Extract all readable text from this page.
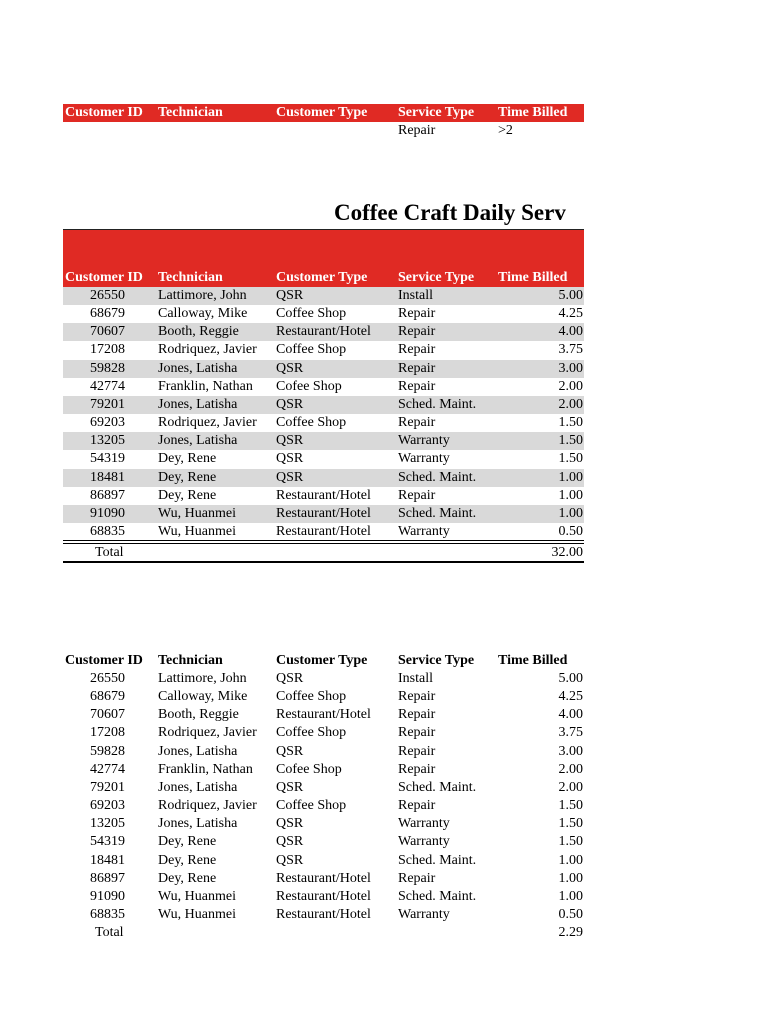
Customer ID Technician	Customer Type	Service Type	Time Billed
Repair	>2
Coffee Craft Daily Serv
Customer ID Technician	Customer Type	Service Type	Time Billed
26550 Lattimore, John	QSR	Install	5.00
68679 Calloway, Mike	Coffee Shop	Repair	4.25
70607 Booth, Reggie	Restaurant/Hotel	Repair	4.00
17208 Rodriquez, Javier	Coffee Shop	Repair	3.75
59828 Jones, Latisha	QSR	Repair	3.00
42774 Franklin, Nathan	Cofee Shop	Repair	2.00
79201 Jones, Latisha	QSR	Sched. Maint.	2.00
69203 Rodriquez, Javier	Coffee Shop	Repair	1.50
13205 Jones, Latisha	QSR	Warranty	1.50
54319 Dey, Rene	QSR	Warranty	1.50
18481 Dey, Rene	QSR	Sched. Maint.	1.00
86897 Dey, Rene	Restaurant/Hotel	Repair	1.00
91090 Wu, Huanmei	Restaurant/Hotel	Sched. Maint.	1.00
68835 Wu, Huanmei	Restaurant/Hotel	Warranty	0.50
Total	32.00
Customer ID Technician	Customer Type	Service Type	Time Billed
26550 Lattimore, John	QSR	Install	5.00
68679 Calloway, Mike	Coffee Shop	Repair	4.25
70607 Booth, Reggie	Restaurant/Hotel	Repair	4.00
17208 Rodriquez, Javier	Coffee Shop	Repair	3.75
59828 Jones, Latisha	QSR	Repair	3.00
42774 Franklin, Nathan	Cofee Shop	Repair	2.00
79201 Jones, Latisha	QSR	Sched. Maint.	2.00
69203 Rodriquez, Javier	Coffee Shop	Repair	1.50
13205 Jones, Latisha	QSR	Warranty	1.50
54319 Dey, Rene	QSR	Warranty	1.50
18481 Dey, Rene	QSR	Sched. Maint.	1.00
86897 Dey, Rene	Restaurant/Hotel	Repair	1.00
91090 Wu, Huanmei	Restaurant/Hotel	Sched. Maint.	1.00
68835 Wu, Huanmei	Restaurant/Hotel	Warranty	0.50
Total	2.29
